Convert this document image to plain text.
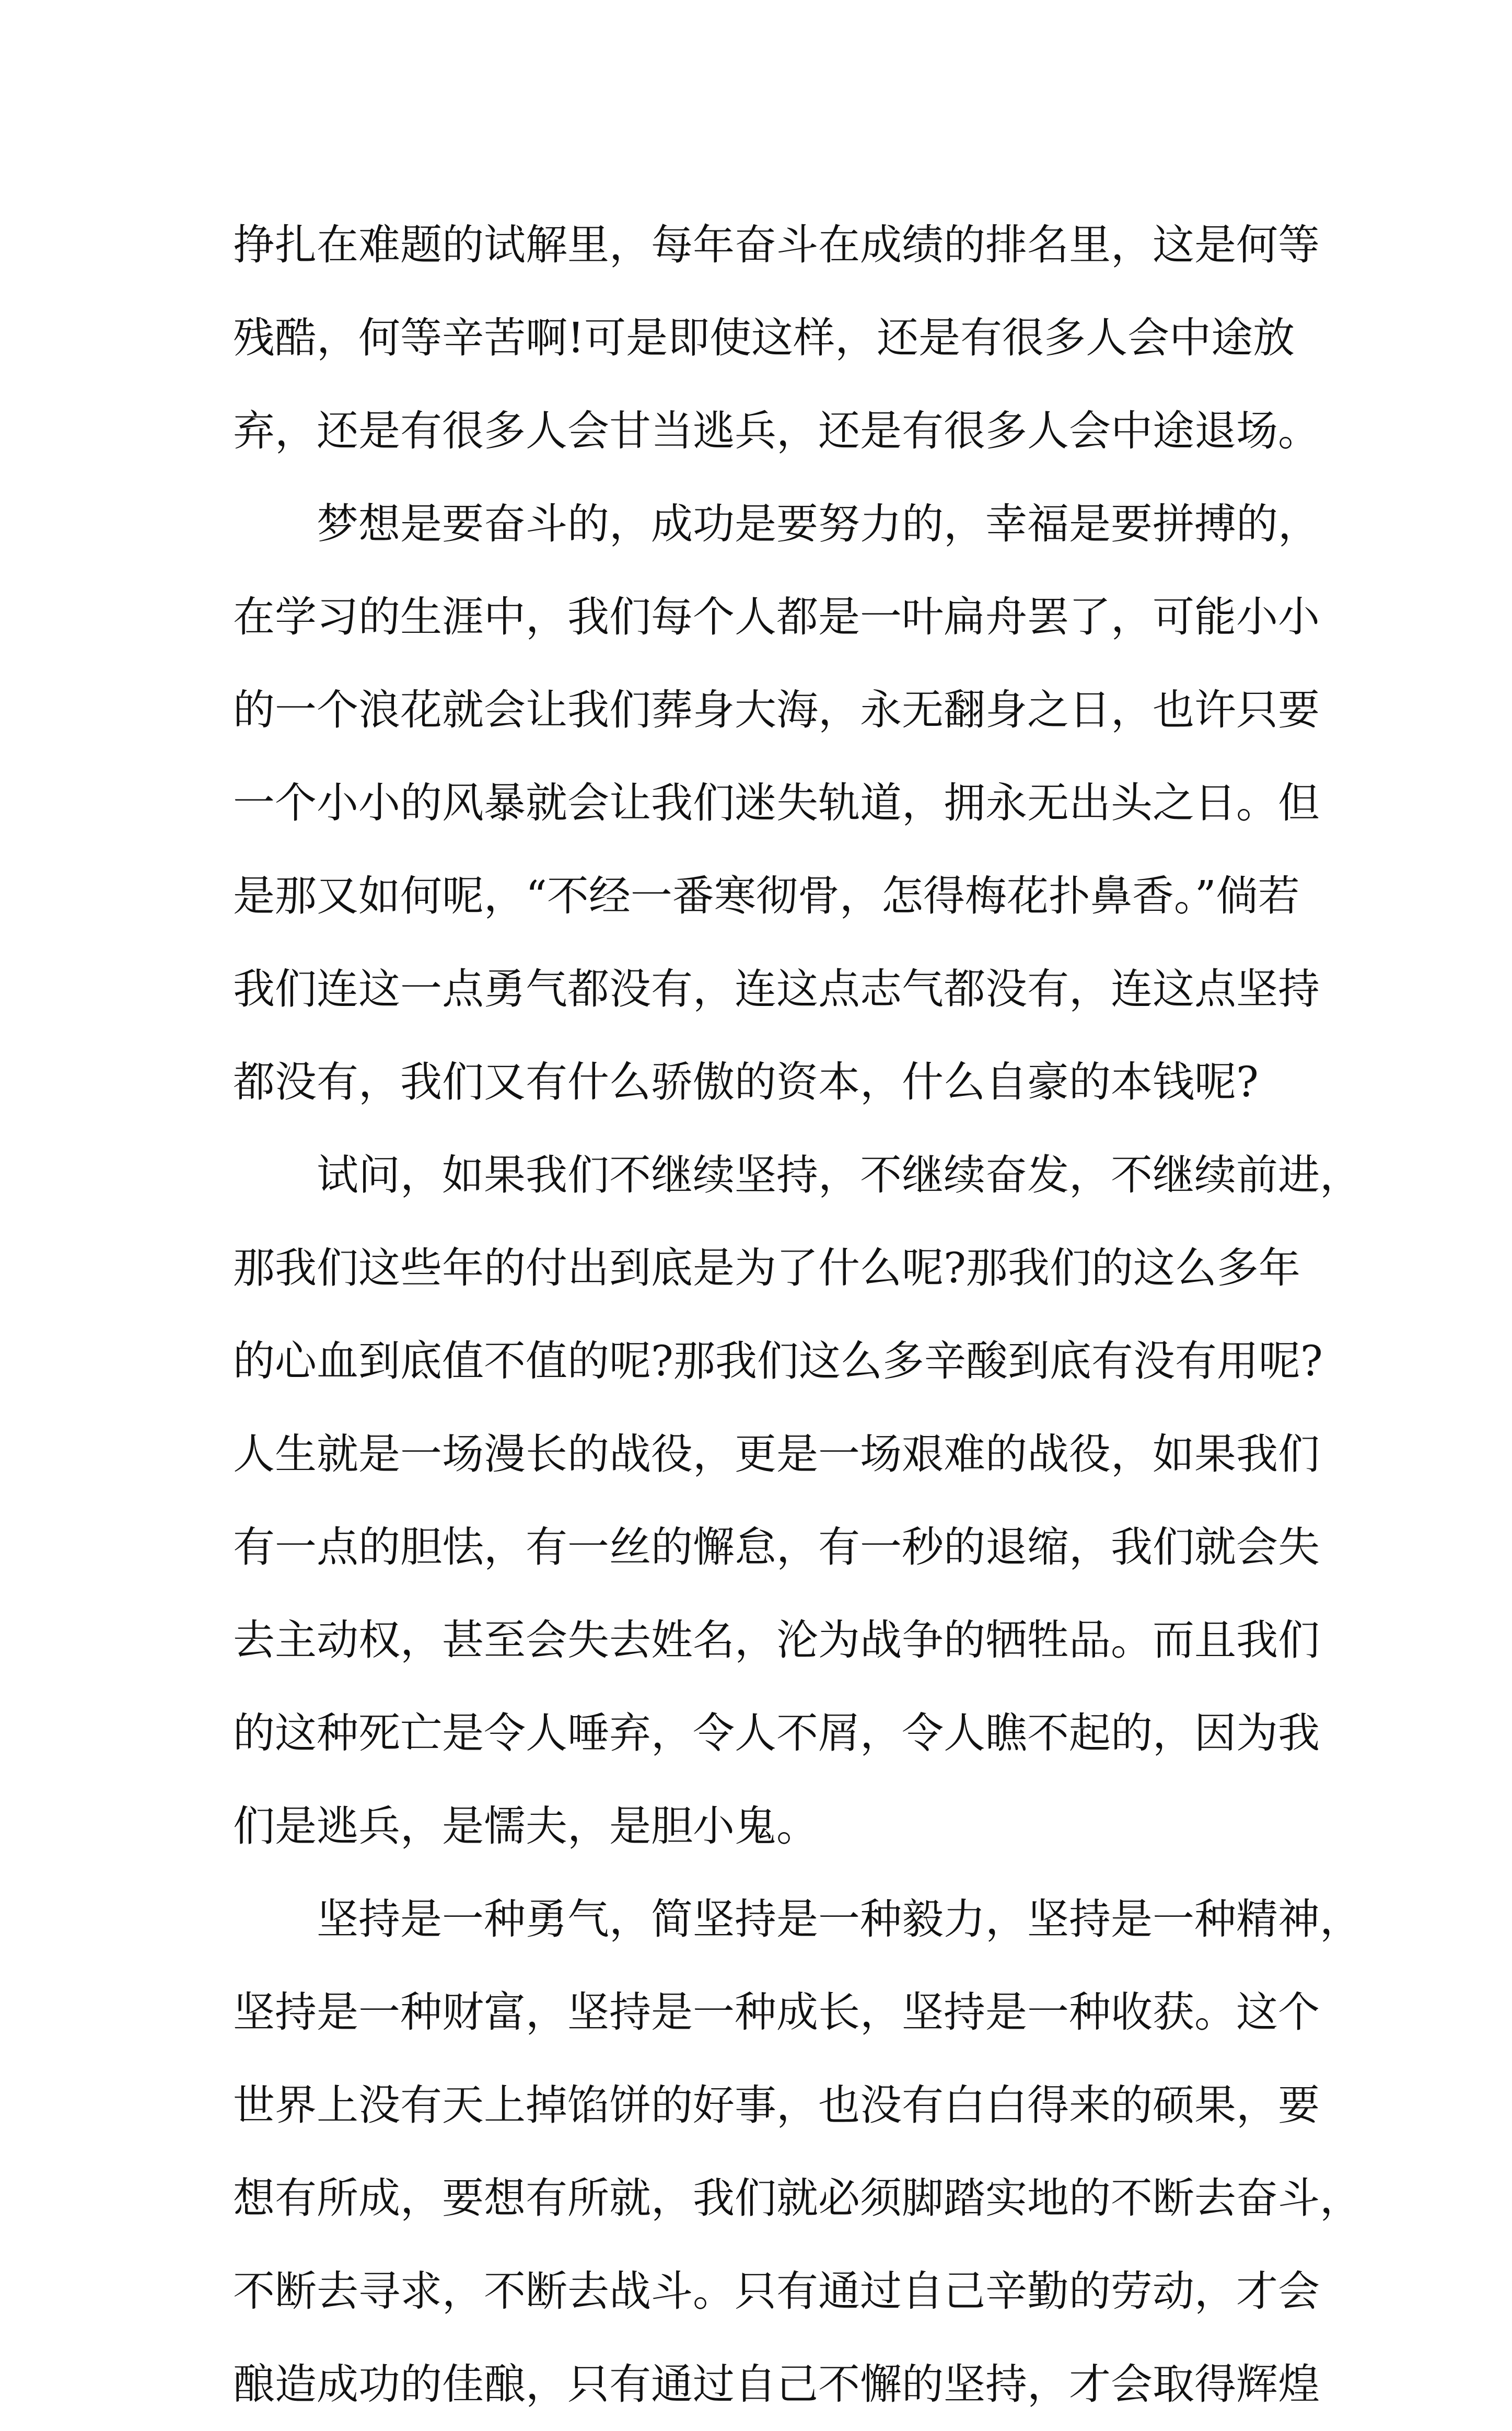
挣扎在难题的试解里，每年奋斗在成绩的排名里，这是何等
残酷，何等辛苦啊!可是即使这样，还是有很多人会中途放
弃，还是有很多人会甘当逃兵，还是有很多人会中途退场。
　　梦想是要奋斗的，成功是要努力的，幸福是要拼搏的，
在学习的生涯中，我们每个人都是一叶扁舟罢了，可能小小
的一个浪花就会让我们葬身大海，永无翻身之日，也许只要
一个小小的风暴就会让我们迷失轨道，拥永无出头之日。但
是那又如何呢，“不经一番寒彻骨，怎得梅花扑鼻香。”倘若
我们连这一点勇气都没有，连这点志气都没有，连这点坚持
都没有，我们又有什么骄傲的资本，什么自豪的本钱呢?
　　试问，如果我们不继续坚持，不继续奋发，不继续前进，
那我们这些年的付出到底是为了什么呢?那我们的这么多年
的心血到底值不值的呢?那我们这么多辛酸到底有没有用呢?
人生就是一场漫长的战役，更是一场艰难的战役，如果我们
有一点的胆怯，有一丝的懈怠，有一秒的退缩，我们就会失
去主动权，甚至会失去姓名，沦为战争的牺牲品。而且我们
的这种死亡是令人唾弃，令人不屑，令人瞧不起的，因为我
们是逃兵，是懦夫，是胆小鬼。
　　坚持是一种勇气，简坚持是一种毅力，坚持是一种精神，
坚持是一种财富，坚持是一种成长，坚持是一种收获。这个
世界上没有天上掉馅饼的好事，也没有白白得来的硕果，要
想有所成，要想有所就，我们就必须脚踏实地的不断去奋斗，
不断去寻求，不断去战斗。只有通过自己辛勤的劳动，才会
酿造成功的佳酿，只有通过自己不懈的坚持，才会取得辉煌
